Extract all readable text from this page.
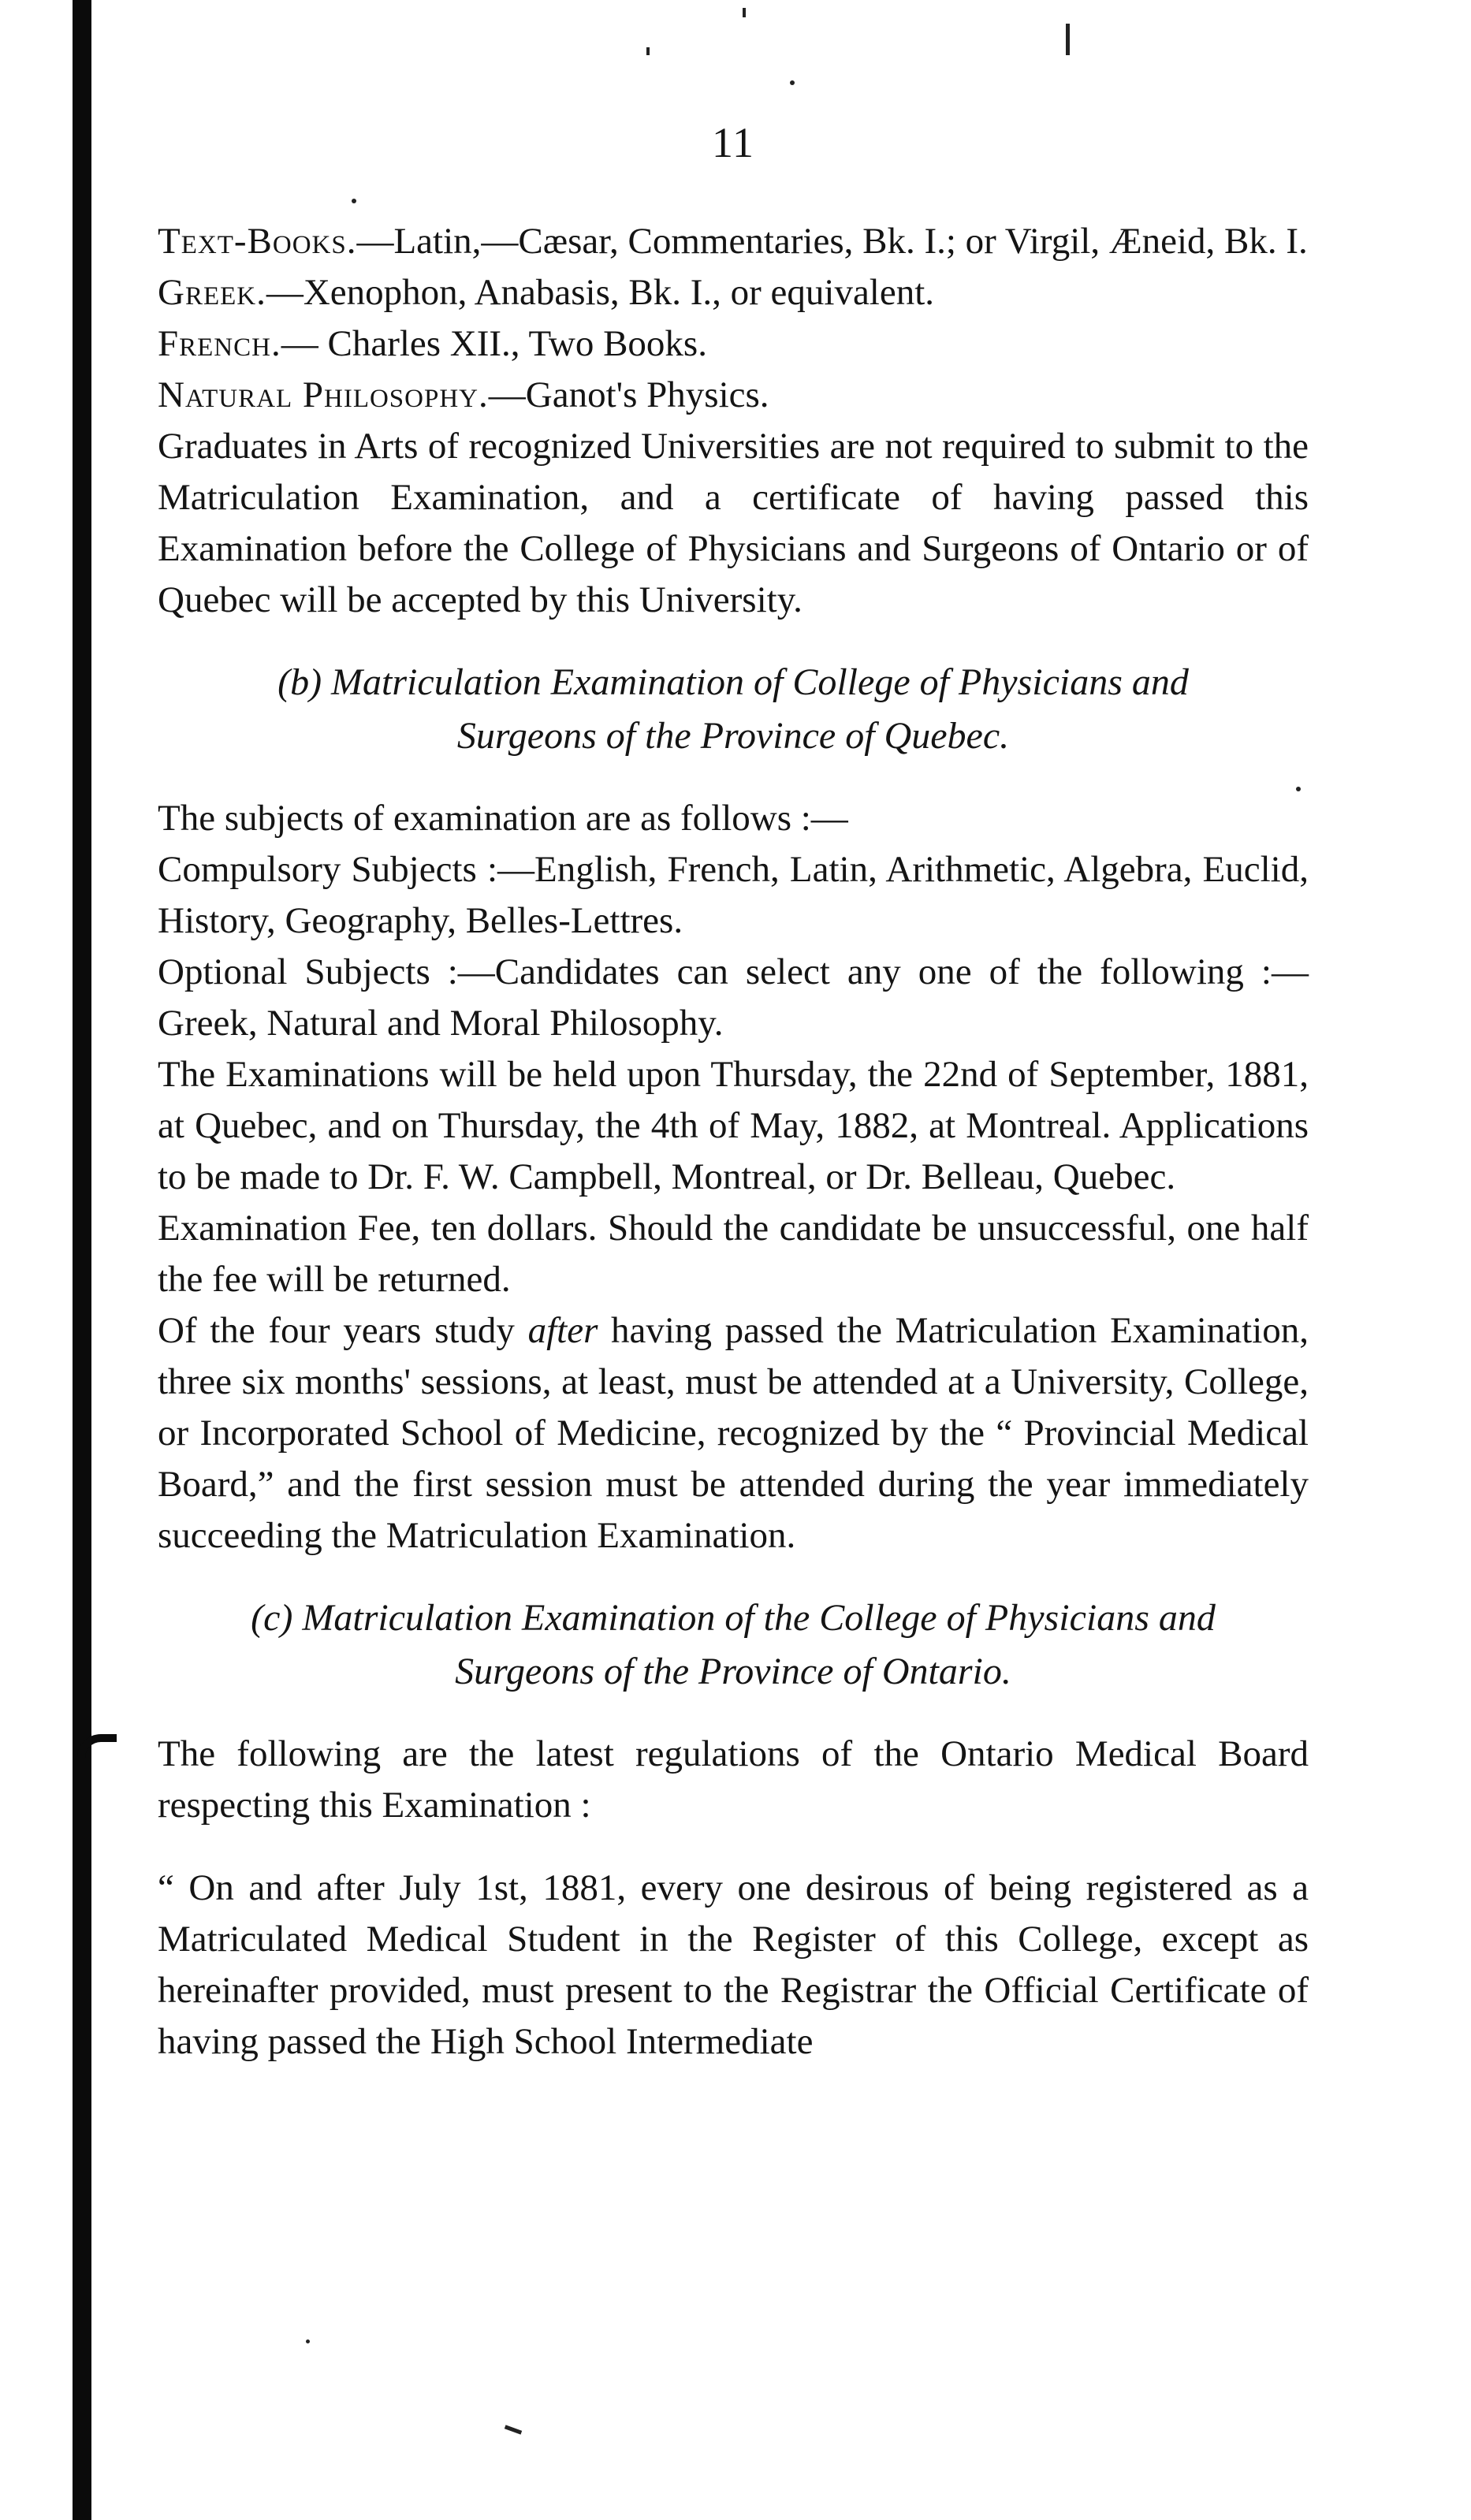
11

Text-Books.—Latin,—Cæsar, Commentaries, Bk. I.; or Virgil, Æneid, Bk. I.

Greek.—Xenophon, Anabasis, Bk. I., or equivalent.

French.— Charles XII., Two Books.

Natural Philosophy.—Ganot's Physics.

Graduates in Arts of recognized Universities are not required to submit to the Matriculation Examination, and a certificate of having passed this Examination before the College of Physicians and Surgeons of Ontario or of Quebec will be accepted by this University.

(b) Matriculation Examination of College of Physicians and
Surgeons of the Province of Quebec.

The subjects of examination are as follows :—

Compulsory Subjects :—English, French, Latin, Arithmetic, Algebra, Euclid, History, Geography, Belles-Lettres.

Optional Subjects :—Candidates can select any one of the following :—Greek, Natural and Moral Philosophy.

The Examinations will be held upon Thursday, the 22nd of September, 1881, at Quebec, and on Thursday, the 4th of May, 1882, at Montreal. Applications to be made to Dr. F. W. Campbell, Montreal, or Dr. Belleau, Quebec.

Examination Fee, ten dollars. Should the candidate be unsuccessful, one half the fee will be returned.

Of the four years study after having passed the Matriculation Examination, three six months' sessions, at least, must be attended at a University, College, or Incorporated School of Medicine, recognized by the “ Provincial Medical Board,” and the first session must be attended during the year immediately succeeding the Matriculation Examination.

(c) Matriculation Examination of the College of Physicians and
Surgeons of the Province of Ontario.

The following are the latest regulations of the Ontario Medical Board respecting this Examination :

“ On and after July 1st, 1881, every one desirous of being registered as a Matriculated Medical Student in the Register of this College, except as hereinafter provided, must present to the Registrar the Official Certificate of having passed the High School Intermediate
